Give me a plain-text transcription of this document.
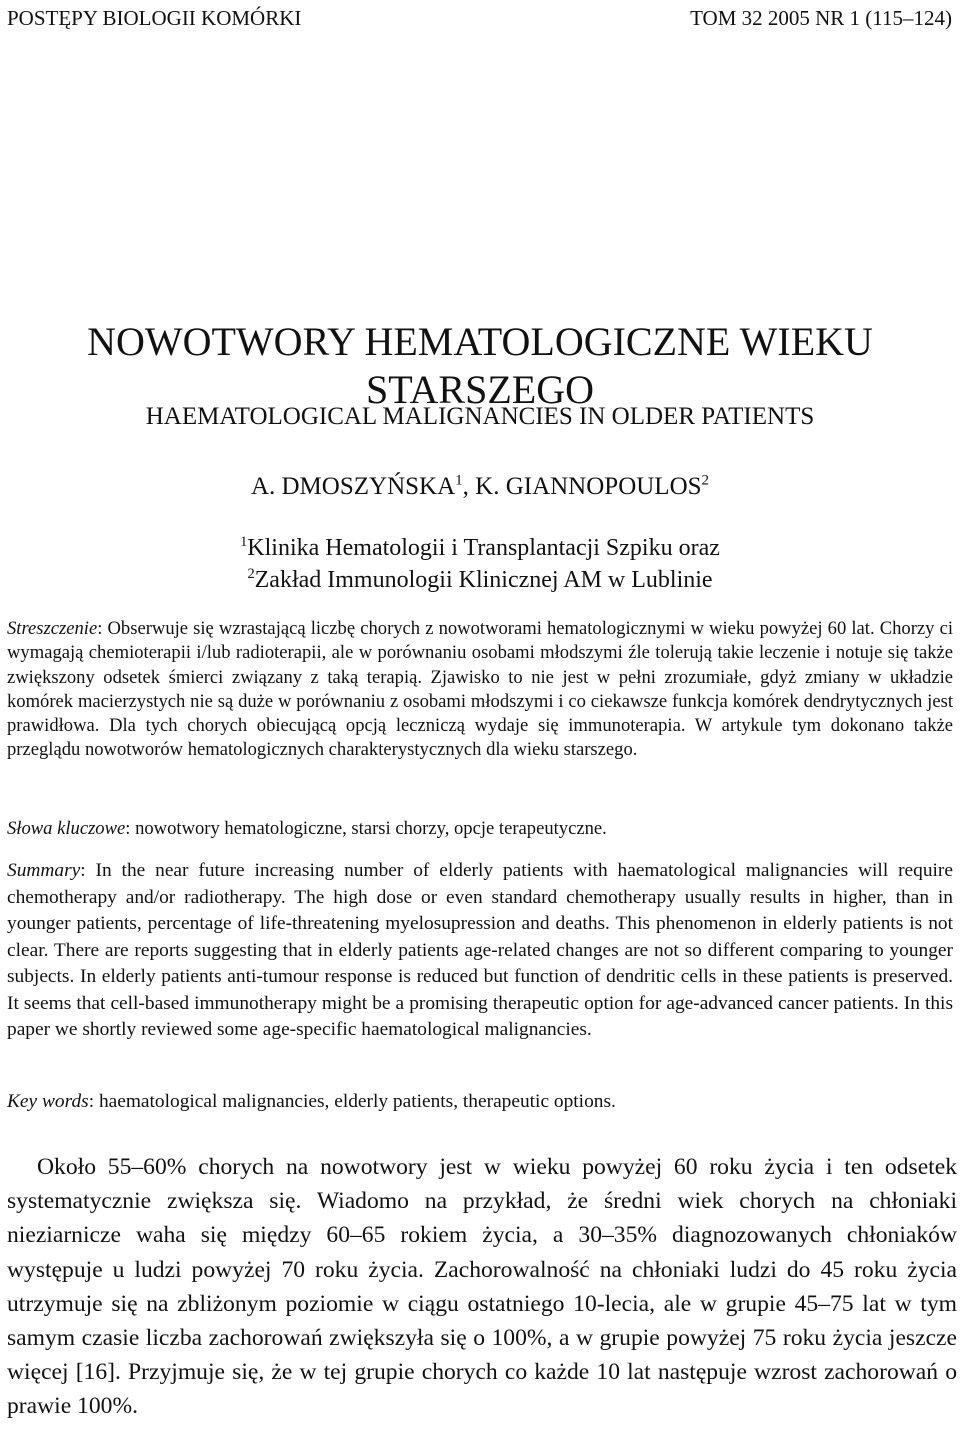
POSTĘPY BIOLOGII KOMÓRKI	TOM 32 2005 NR 1 (115–124)
NOWOTWORY HEMATOLOGICZNE WIEKU STARSZEGO
HAEMATOLOGICAL MALIGNANCIES IN OLDER PATIENTS
A. DMOSZYŃSKA$^1$, K. GIANNOPOULOS$^2$
$^1$Klinika Hematologii i Transplantacji Szpiku oraz
$^2$Zakład Immunologii Klinicznej AM w Lublinie
Streszczenie: Obserwuje się wzrastającą liczbę chorych z nowotworami hematologicznymi w wieku powyżej 60 lat. Chorzy ci wymagają chemioterapii i/lub radioterapii, ale w porównaniu osobami młodszymi źle tolerują takie leczenie i notuje się także zwiększony odsetek śmierci związany z taką terapią. Zjawisko to nie jest w pełni zrozumiałe, gdyż zmiany w układzie komórek macierzystych nie są duże w porównaniu z osobami młodszymi i co ciekawsze funkcja komórek dendrytycznych jest prawidłowa. Dla tych chorych obiecującą opcją leczniczą wydaje się immunoterapia. W artykule tym dokonano także przeglądu nowotworów hematologicznych charakterystycznych dla wieku starszego.
Słowa kluczowe: nowotwory hematologiczne, starsi chorzy, opcje terapeutyczne.
Summary: In the near future increasing number of elderly patients with haematological malignancies will require chemotherapy and/or radiotherapy. The high dose or even standard chemotherapy usually results in higher, than in younger patients, percentage of life-threatening myelosupression and deaths. This phenomenon in elderly patients is not clear. There are reports suggesting that in elderly patients age-related changes are not so different comparing to younger subjects. In elderly patients anti-tumour response is reduced but function of dendritic cells in these patients is preserved. It seems that cell-based immunotherapy might be a promising therapeutic option for age-advanced cancer patients. In this paper we shortly reviewed some age-specific haematological malignancies.
Key words: haematological malignancies, elderly patients, therapeutic options.
Około 55–60% chorych na nowotwory jest w wieku powyżej 60 roku życia i ten odsetek systematycznie zwiększa się. Wiadomo na przykład, że średni wiek chorych na chłoniaki nieziarnicze waha się między 60–65 rokiem życia, a 30–35% diagnozowanych chłoniaków występuje u ludzi powyżej 70 roku życia. Zachorowalność na chłoniaki ludzi do 45 roku życia utrzymuje się na zbliżonym poziomie w ciągu ostatniego 10-lecia, ale w grupie 45–75 lat w tym samym czasie liczba zachorowań zwiększyła się o 100%, a w grupie powyżej 75 roku życia jeszcze więcej [16]. Przyjmuje się, że w tej grupie chorych co każde 10 lat następuje wzrost zachorowań o prawie 100%.
